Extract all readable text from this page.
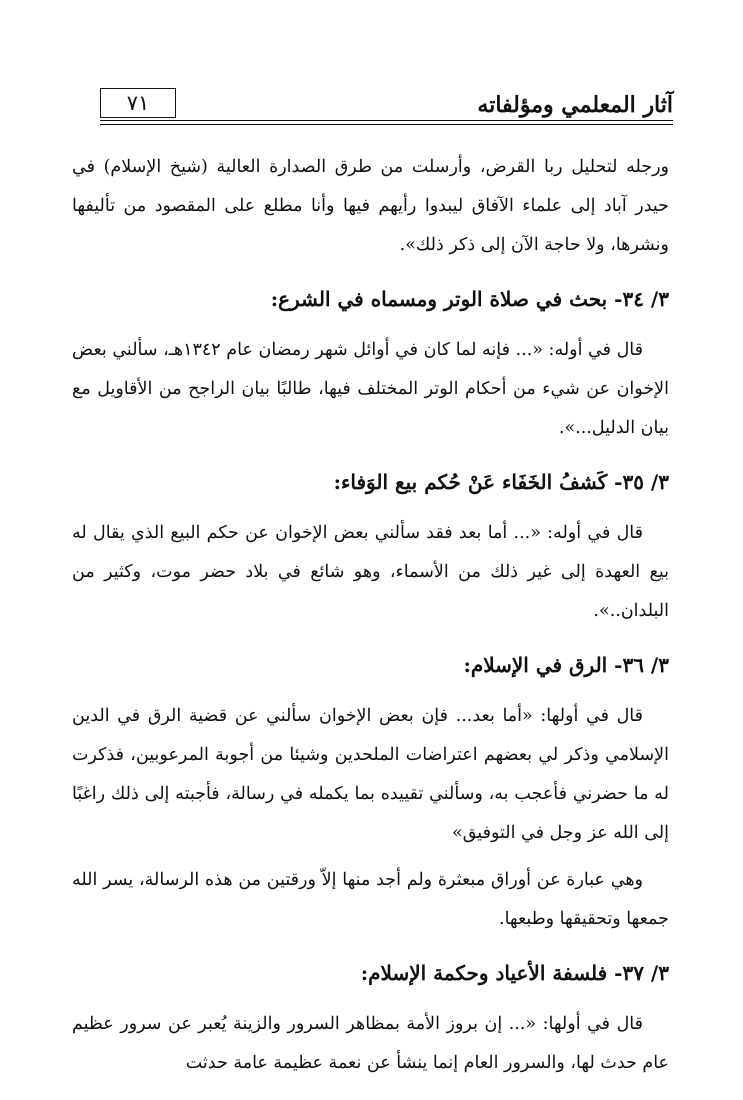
آثار المعلمي ومؤلفاته
٧١

ورجله لتحليل ربا القرض، وأرسلت من طرق الصدارة العالية (شيخ الإسلام) في حيدر آباد إلى علماء الآفاق ليبدوا رأيهم فيها وأنا مطلع على المقصود من تأليفها ونشرها، ولا حاجة الآن إلى ذكر ذلك».

٣/ ٣٤- بحث في صلاة الوتر ومسماه في الشرع:

قال في أوله: «... فإنه لما كان في أوائل شهر رمضان عام ١٣٤٢هـ، سألني بعض الإخوان عن شيء من أحكام الوتر المختلف فيها، طالبًا بيان الراجح من الأقاويل مع بيان الدليل...».

٣/ ٣٥- كَشفُ الخَفَاء عَنْ حُكم بيع الوَفاء:

قال في أوله: «... أما بعد فقد سألني بعض الإخوان عن حكم البيع الذي يقال له بيع العهدة إلى غير ذلك من الأسماء، وهو شائع في بلاد حضر موت، وكثير من البلدان..».

٣/ ٣٦- الرق في الإسلام:

قال في أولها: «أما بعد... فإن بعض الإخوان سألني عن قضية الرق في الدين الإسلامي وذكر لي بعضهم اعتراضات الملحدين وشيئا من أجوبة المرعوبين، فذكرت له ما حضرني فأعجب به، وسألني تقييده بما يكمله في رسالة، فأجبته إلى ذلك راغبًا إلى الله عز وجل في التوفيق»

وهي عبارة عن أوراق مبعثرة ولم أجد منها إلاّ ورقتين من هذه الرسالة، يسر الله جمعها وتحقيقها وطبعها.

٣/ ٣٧- فلسفة الأعياد وحكمة الإسلام:

قال في أولها: «... إن بروز الأمة بمظاهر السرور والزينة يُعبر عن سرور عظيم عام حدث لها، والسرور العام إنما ينشأ عن نعمة عظيمة عامة حدثت
